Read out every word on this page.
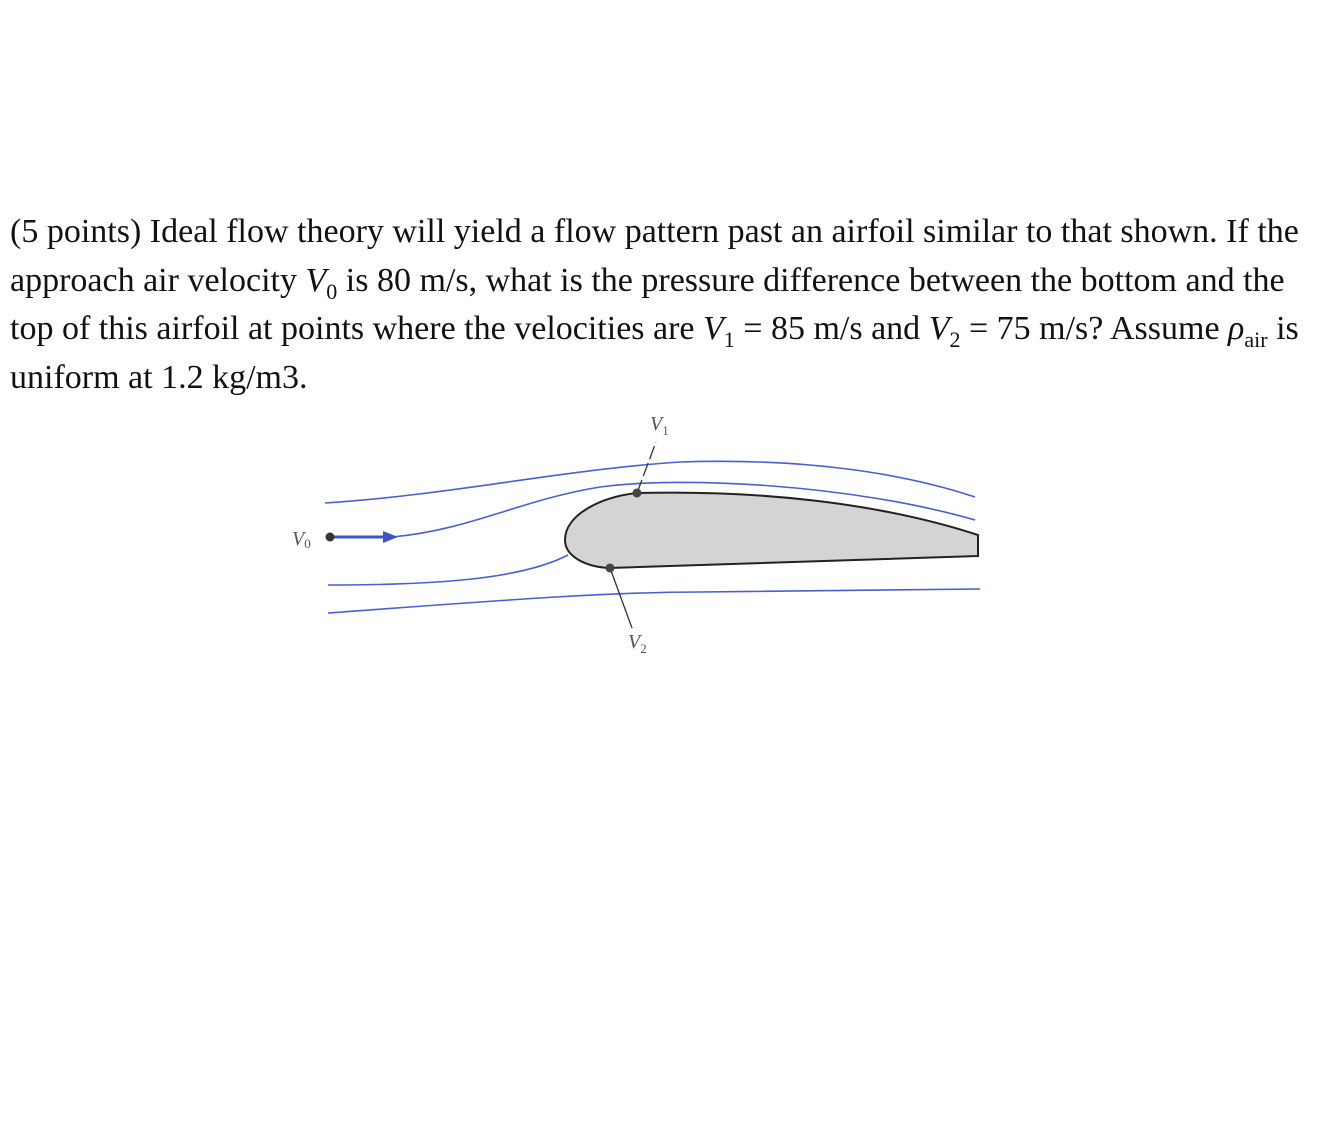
(5 points) Ideal flow theory will yield a flow pattern past an airfoil similar to that shown. If the approach air velocity $V_0$ is 80 m/s, what is the pressure difference between the bottom and the top of this airfoil at points where the velocities are $V_1 = 85$ m/s and $V_2 = 75$ m/s? Assume $\rho_{air}$ is uniform at 1.2 kg/m3.
V0
$V_1$
$V_2$
